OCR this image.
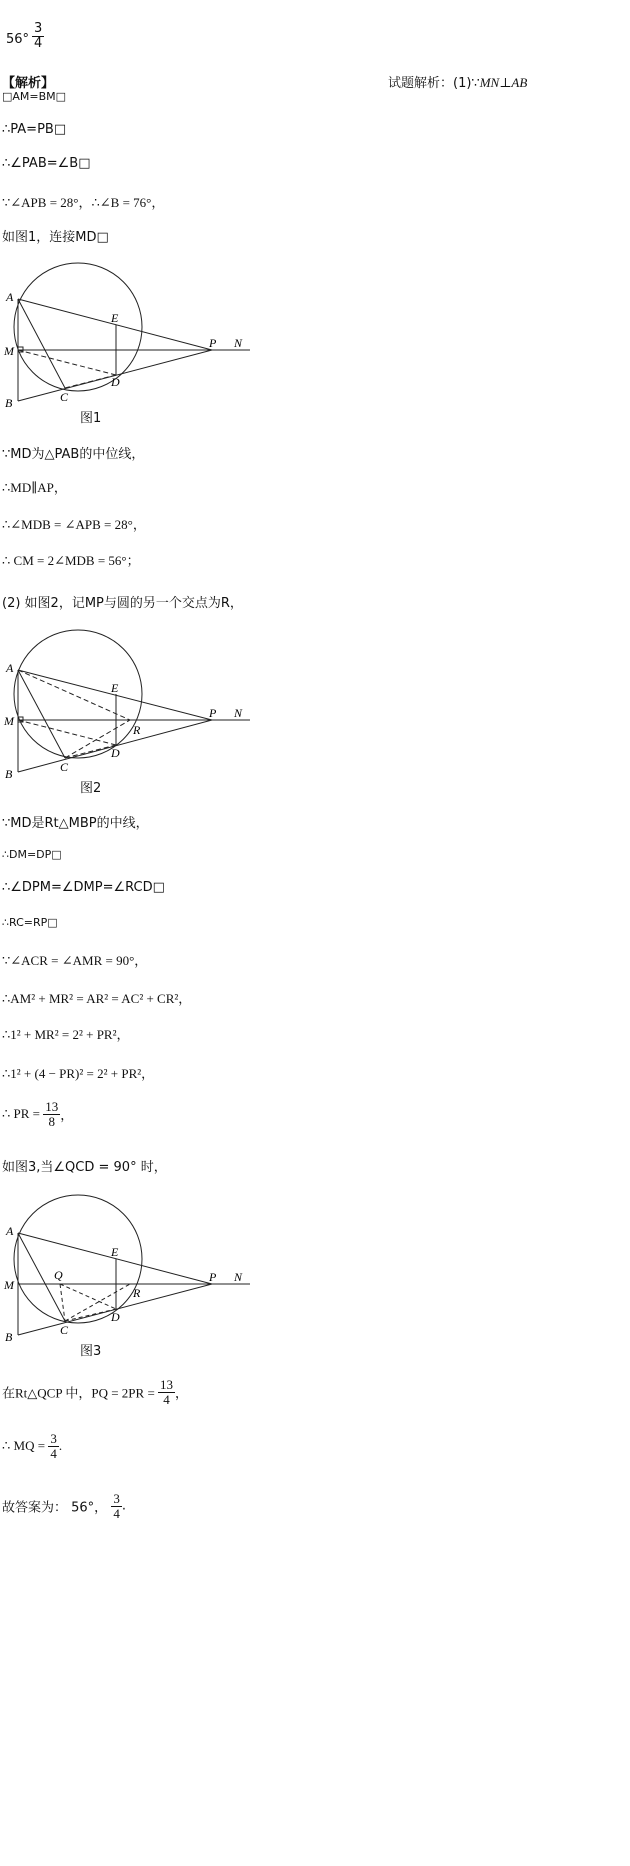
$56^\circ \frac{3}{4}$
【解析】	试题解析：(1)∵MN⊥AB
□AM=BM□
∴PA=PB□
∴∠PAB=∠B□
∵∠APB = 28°，∴∠B = 76°，
如图1，连接MD□
A
M
B	C
D
E
P N
图1
∵MD为△PAB的中位线，
∴MD∥AP，
∴∠MDB = ∠APB = 28°，
∴ CM = 2∠MDB = 56°；
(2) 如图2，记MP与圆的另一个交点为R，
A
M
B	C
D
E
R
P N
图2
∵MD是Rt△MBP的中线，
∴DM=DP□
∴∠DPM=∠DMP=∠RCD□
∴RC=RP□
∵∠ACR = ∠AMR = 90°，
∴AM² + MR² = AR² = AC² + CR²，
∴1² + MR² = 2² + PR²，
∴1² + (4 − PR)² = 2² + PR²，
∴ PR = $\frac{13}{8}$ ，
如图3,当∠QCD = 90° 时，
A
M
B	C
D
E
Q
R
P N
图3
在Rt△QCP 中，PQ = $2PR = \frac{13}{4}$ ，
∴ MQ = $\frac{3}{4}$ .
故答案为： 56°， $\frac{3}{4}$ .
